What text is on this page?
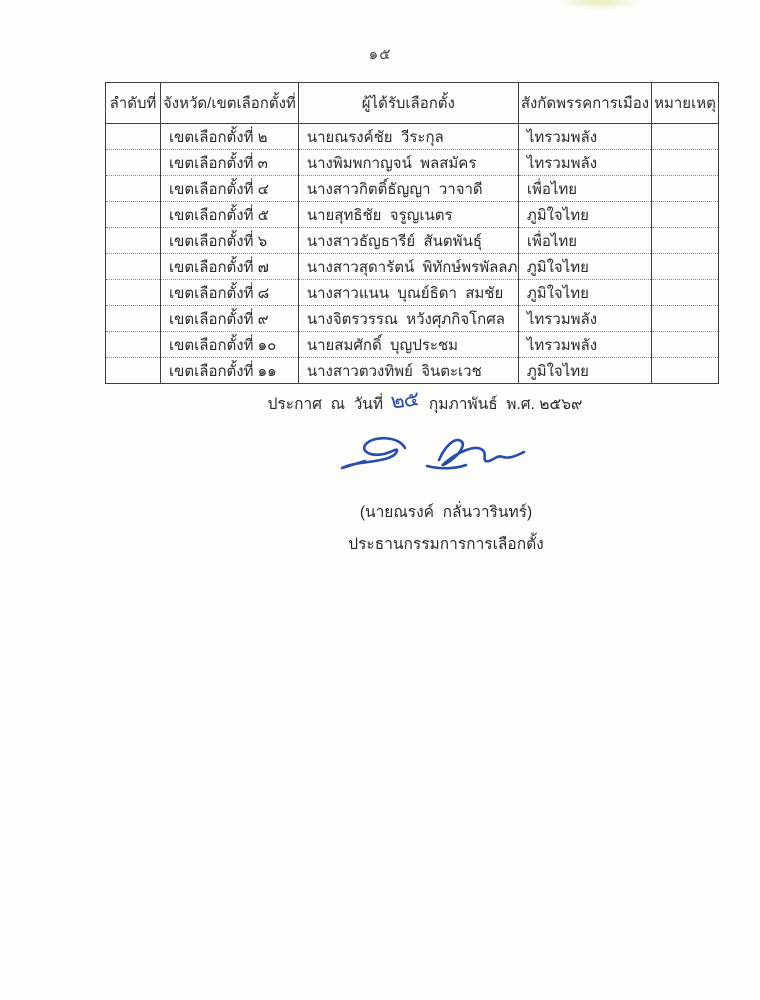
๑๕
ลำดับที่	จังหวัด/เขตเลือกตั้งที่	ผู้ได้รับเลือกตั้ง	สังกัดพรรคการเมือง	หมายเหตุ
	เขตเลือกตั้งที่ ๒	นายณรงค์ชัย  วีระกุล	ไทรวมพลัง	
	เขตเลือกตั้งที่ ๓	นางพิมพกาญจน์  พลสมัคร	ไทรวมพลัง	
	เขตเลือกตั้งที่ ๔	นางสาวกิตติ์ธัญญา  วาจาดี	เพื่อไทย	
	เขตเลือกตั้งที่ ๕	นายสุทธิชัย  จรูญเนตร	ภูมิใจไทย	
	เขตเลือกตั้งที่ ๖	นางสาวธัญธารีย์  สันตพันธุ์	เพื่อไทย	
	เขตเลือกตั้งที่ ๗	นางสาวสุดารัตน์  พิทักษ์พรพัลลภ	ภูมิใจไทย	
	เขตเลือกตั้งที่ ๘	นางสาวแนน  บุณย์ธิดา  สมชัย	ภูมิใจไทย	
	เขตเลือกตั้งที่ ๙	นางจิตรวรรณ  หวังศุภกิจโกศล	ไทรวมพลัง	
	เขตเลือกตั้งที่ ๑๐	นายสมศักดิ์  บุญประชม	ไทรวมพลัง	
	เขตเลือกตั้งที่ ๑๑	นางสาวตวงทิพย์  จินตะเวช	ภูมิใจไทย	
ประกาศ  ณ  วันที่ ๒๕ กุมภาพันธ์  พ.ศ. ๒๕๖๙
(นายณรงค์  กลั่นวารินทร์)
ประธานกรรมการการเลือกตั้ง
